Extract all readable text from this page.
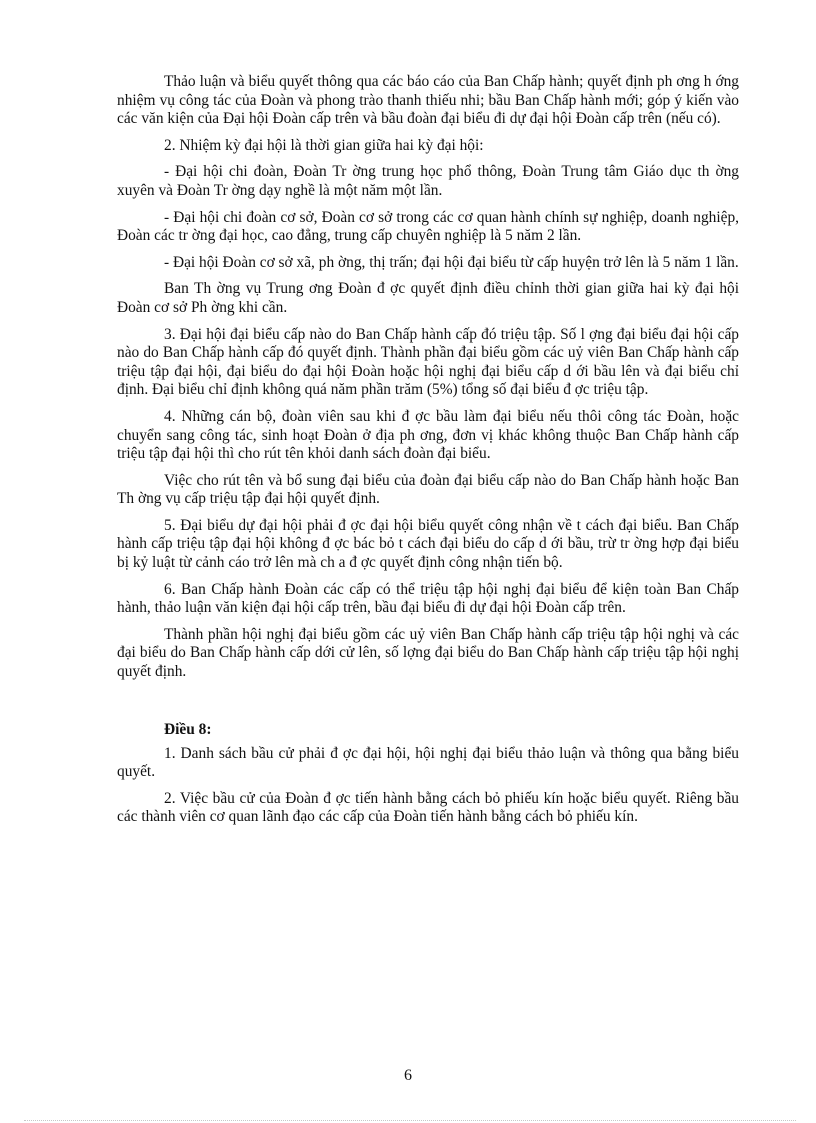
Thảo luận và biểu quyết thông qua các báo cáo của Ban Chấp hành; quyết định ph ơng h ớng nhiệm vụ công tác của Đoàn và phong trào thanh thiếu nhi; bầu Ban Chấp hành mới; góp ý kiến vào các văn kiện của Đại hội Đoàn cấp trên và bầu đoàn đại biểu đi dự đại hội Đoàn cấp trên (nếu có).

2. Nhiệm kỳ đại hội là thời gian giữa hai kỳ đại hội:

- Đại hội chi đoàn, Đoàn Tr ờng trung học phổ thông, Đoàn Trung tâm Giáo dục th ờng xuyên và Đoàn Tr ờng dạy nghề là một năm một lần.

- Đại hội chi đoàn cơ sở, Đoàn cơ sở trong các cơ quan hành chính sự nghiệp, doanh nghiệp, Đoàn các tr ờng đại học, cao đẳng, trung cấp chuyên nghiệp là 5 năm 2 lần.

- Đại hội Đoàn cơ sở xã, ph ờng, thị trấn; đại hội đại biểu từ cấp huyện trở lên là 5 năm 1 lần.

Ban Th ờng vụ Trung ơng Đoàn đ ợc quyết định điều chỉnh thời gian giữa hai kỳ đại hội Đoàn cơ sở Ph ờng khi cần.

3. Đại hội đại biểu cấp nào do Ban Chấp hành cấp đó triệu tập. Số l ợng đại biểu đại hội cấp nào do Ban Chấp hành cấp đó quyết định. Thành phần đại biểu gồm các uỷ viên Ban Chấp hành cấp triệu tập đại hội, đại biểu do đại hội Đoàn hoặc hội nghị đại biểu cấp d ới bầu lên và đại biểu chỉ định. Đại biểu chỉ định không quá năm phần trăm (5%) tổng số đại biểu đ ợc triệu tập.

4. Những cán bộ, đoàn viên sau khi đ ợc bầu làm đại biểu nếu thôi công tác Đoàn, hoặc chuyển sang công tác, sinh hoạt Đoàn ở địa ph ơng, đơn vị khác không thuộc Ban Chấp hành cấp triệu tập đại hội thì cho rút tên khỏi danh sách đoàn đại biểu.

Việc cho rút tên và bổ sung đại biểu của đoàn đại biểu cấp nào do Ban Chấp hành hoặc Ban Th ờng vụ cấp triệu tập đại hội quyết định.

5. Đại biểu dự đại hội phải đ ợc đại hội biểu quyết công nhận về t cách đại biểu. Ban Chấp hành cấp triệu tập đại hội không đ ợc bác bỏ t cách đại biểu do cấp d ới bầu, trừ tr ờng hợp đại biểu bị kỷ luật từ cảnh cáo trở lên mà ch a đ ợc quyết định công nhận tiến bộ.

6. Ban Chấp hành Đoàn các cấp có thể triệu tập hội nghị đại biểu để kiện toàn Ban Chấp hành, thảo luận văn kiện đại hội cấp trên, bầu đại biểu đi dự đại hội Đoàn cấp trên.

Thành phần hội nghị đại biểu gồm các uỷ viên Ban Chấp hành cấp triệu tập hội nghị và các đại biểu do Ban Chấp hành cấp dới cử lên, số lợng đại biểu do Ban Chấp hành cấp triệu tập hội nghị quyết định.

Điều 8:

1. Danh sách bầu cử phải đ ợc đại hội, hội nghị đại biểu thảo luận và thông qua bằng biểu quyết.

2. Việc bầu cử của Đoàn đ ợc tiến hành bằng cách bỏ phiếu kín hoặc biểu quyết. Riêng bầu các thành viên cơ quan lãnh đạo các cấp của Đoàn tiến hành bằng cách bỏ phiếu kín.

6
